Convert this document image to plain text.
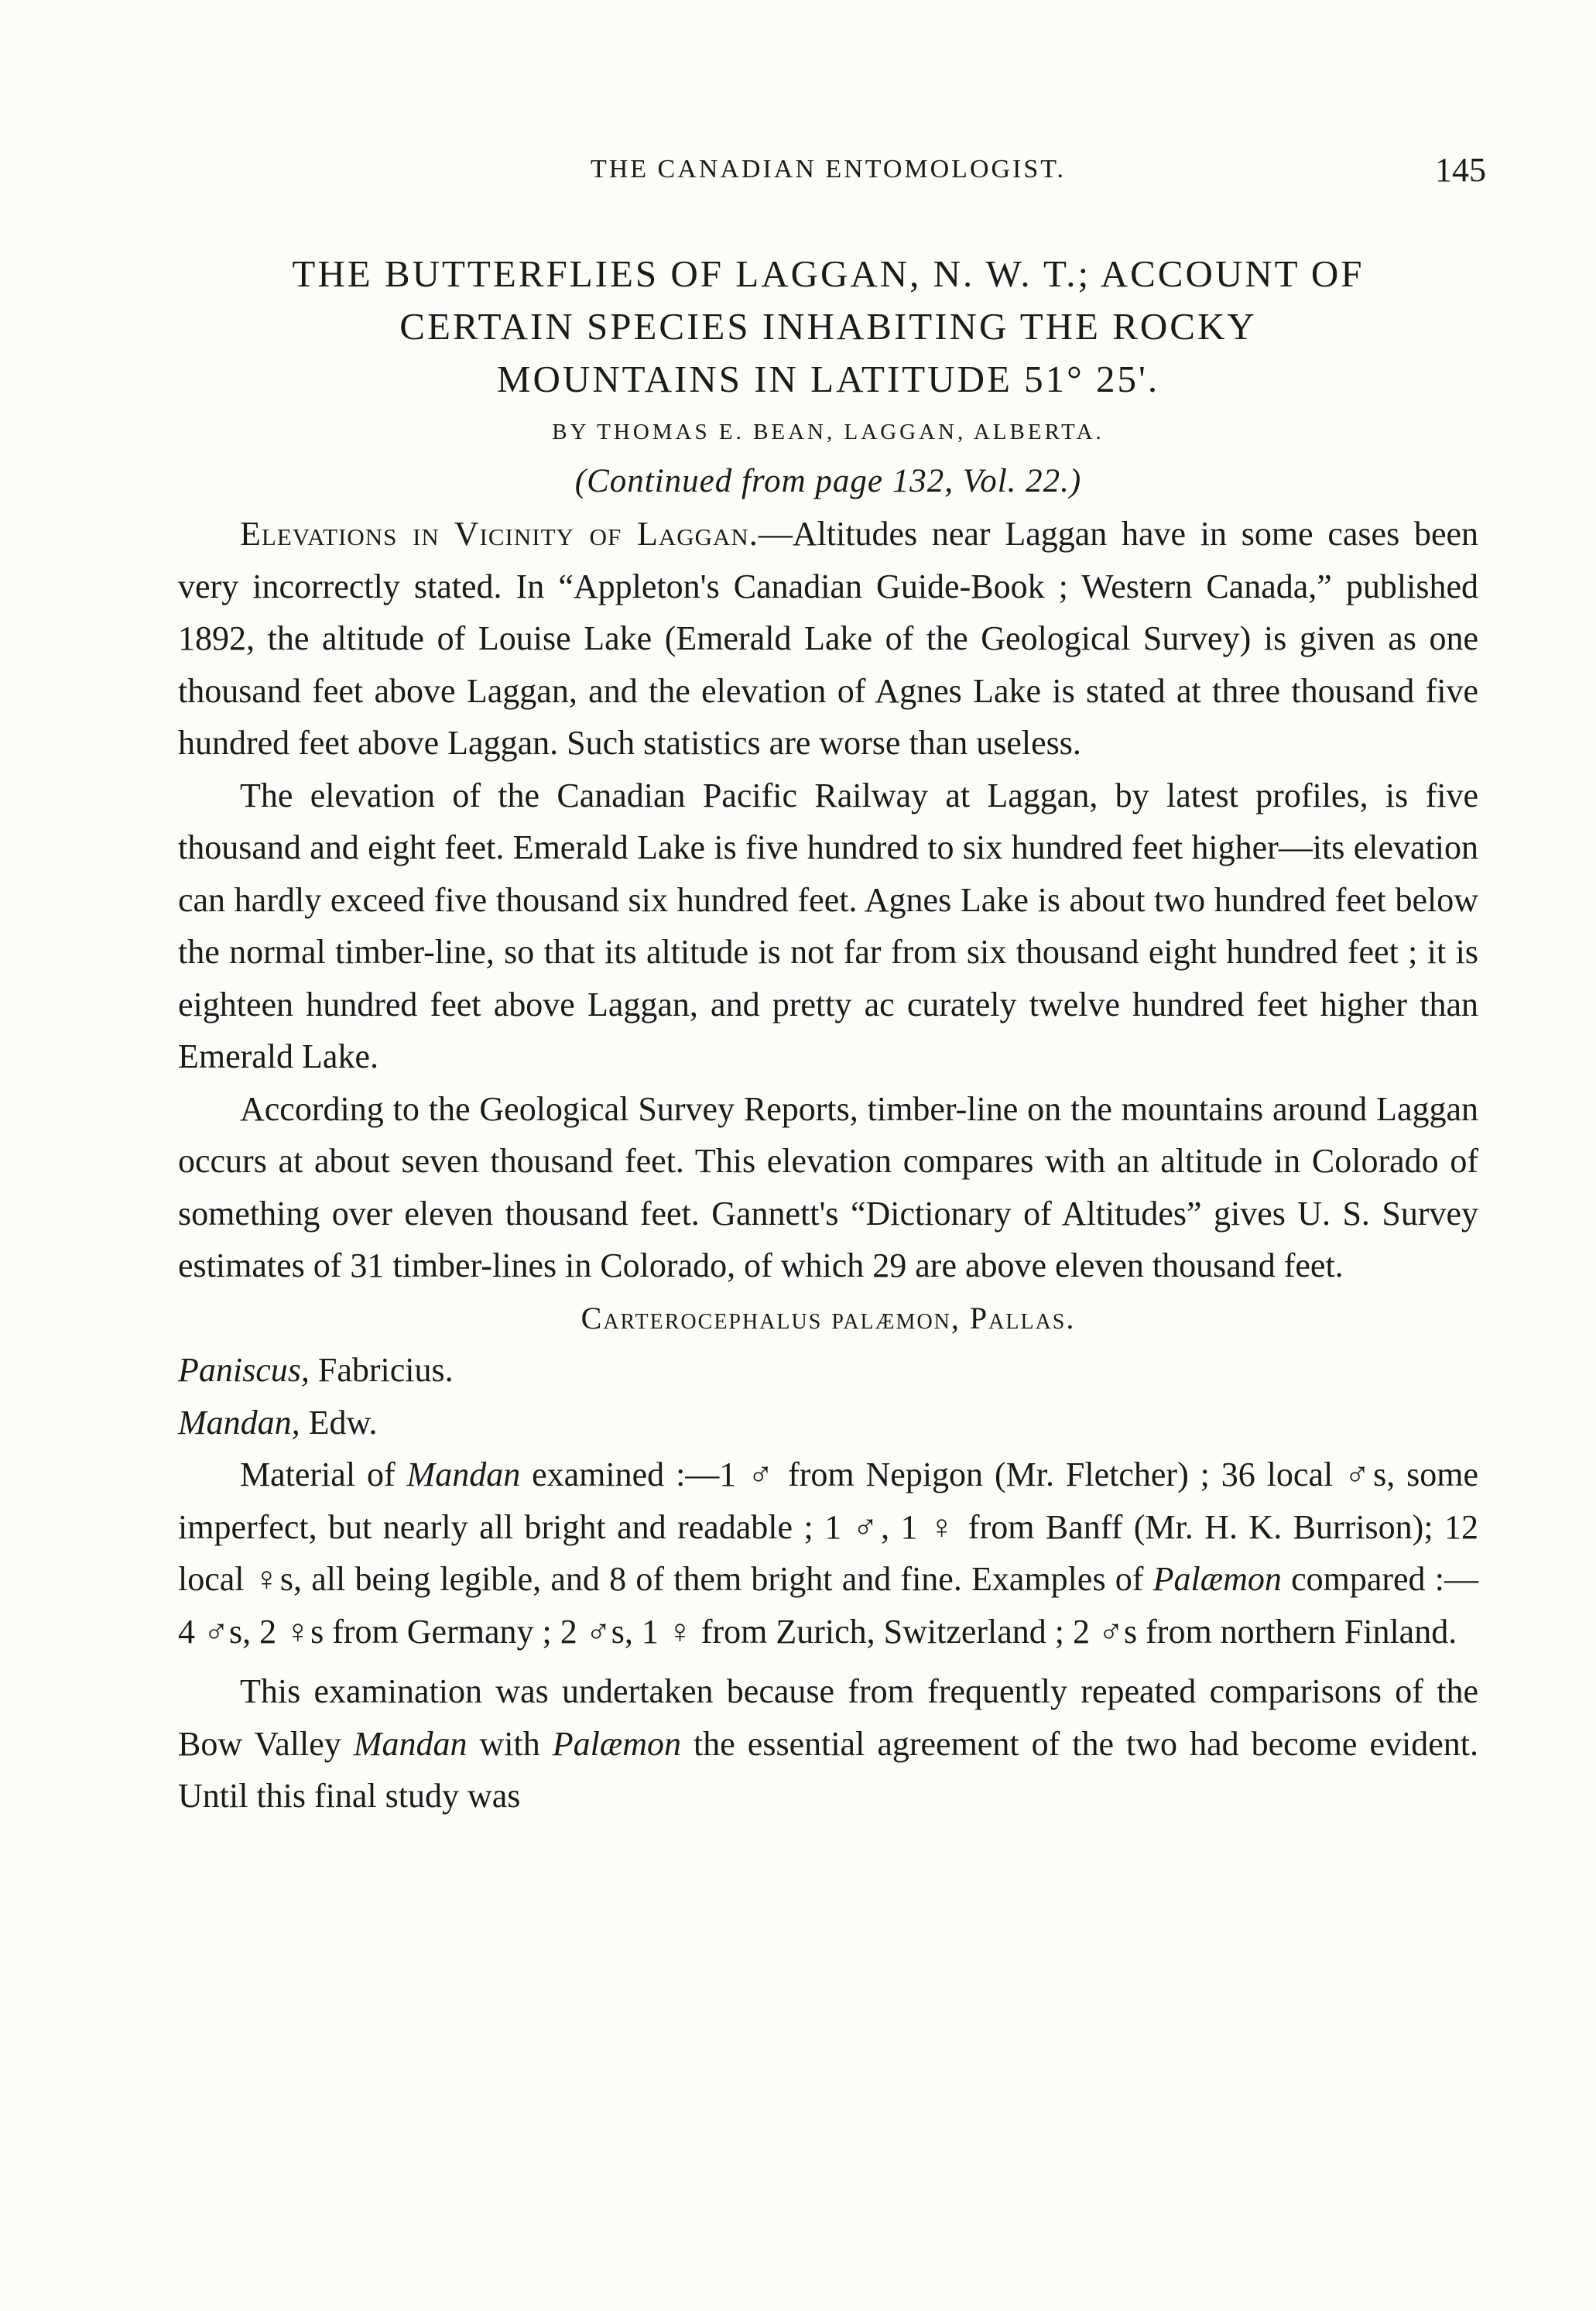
THE CANADIAN ENTOMOLOGIST.	145
THE BUTTERFLIES OF LAGGAN, N. W. T.; ACCOUNT OF
CERTAIN SPECIES INHABITING THE ROCKY
MOUNTAINS IN LATITUDE 51° 25'.
BY THOMAS E. BEAN, LAGGAN, ALBERTA.
(Continued from page 132, Vol. 22.)

Elevations in Vicinity of Laggan.—Altitudes near Laggan have in some cases been very incorrectly stated. In “Appleton's Canadian Guide-Book ; Western Canada,” published 1892, the altitude of Louise Lake (Emerald Lake of the Geological Survey) is given as one thousand feet above Laggan, and the elevation of Agnes Lake is stated at three thousand five hundred feet above Laggan. Such statistics are worse than useless.

The elevation of the Canadian Pacific Railway at Laggan, by latest profiles, is five thousand and eight feet. Emerald Lake is five hundred to six hundred feet higher—its elevation can hardly exceed five thousand six hundred feet. Agnes Lake is about two hundred feet below the normal timber-line, so that its altitude is not far from six thousand eight hundred feet ; it is eighteen hundred feet above Laggan, and pretty ac curately twelve hundred feet higher than Emerald Lake.

According to the Geological Survey Reports, timber-line on the mountains around Laggan occurs at about seven thousand feet. This elevation compares with an altitude in Colorado of something over eleven thousand feet. Gannett's “Dictionary of Altitudes” gives U. S. Survey estimates of 31 timber-lines in Colorado, of which 29 are above eleven thousand feet.

Carterocephalus palæmon, Pallas.
Paniscus, Fabricius.
Mandan, Edw.

Material of Mandan examined :—1 ♂ from Nepigon (Mr. Fletcher) ; 36 local ♂s, some imperfect, but nearly all bright and readable ; 1 ♂, 1 ♀ from Banff (Mr. H. K. Burrison); 12 local ♀s, all being legible, and 8 of them bright and fine. Examples of Palæmon compared :—4 ♂s, 2 ♀s from Germany ; 2 ♂s, 1 ♀ from Zurich, Switzerland ; 2 ♂s from northern Finland.

This examination was undertaken because from frequently repeated comparisons of the Bow Valley Mandan with Palæmon the essential agreement of the two had become evident. Until this final study was
